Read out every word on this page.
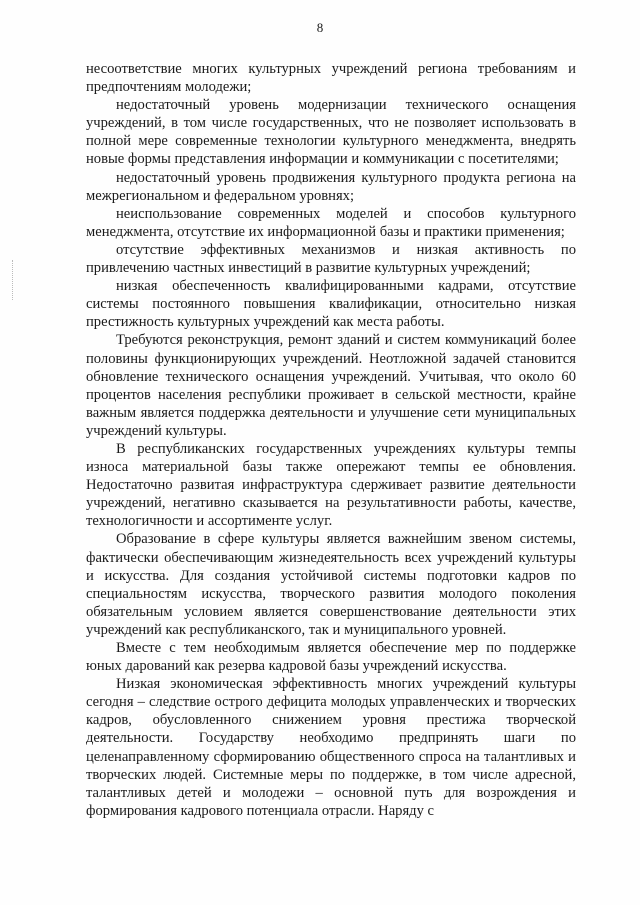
8

несоответствие многих культурных учреждений региона требованиям и предпочтениям молодежи;

недостаточный уровень модернизации технического оснащения учреждений, в том числе государственных, что не позволяет использовать в полной мере современные технологии культурного менеджмента, внедрять новые формы представления информации и коммуникации с посетителями;

недостаточный уровень продвижения культурного продукта региона на межрегиональном и федеральном уровнях;

неиспользование современных моделей и способов культурного менеджмента, отсутствие их информационной базы и практики применения;

отсутствие эффективных механизмов и низкая активность по привлечению частных инвестиций в развитие культурных учреждений;

низкая обеспеченность квалифицированными кадрами, отсутствие системы постоянного повышения квалификации, относительно низкая престижность культурных учреждений как места работы.

Требуются реконструкция, ремонт зданий и систем коммуникаций более половины функционирующих учреждений. Неотложной задачей становится обновление технического оснащения учреждений. Учитывая, что около 60 процентов населения республики проживает в сельской местности, крайне важным является поддержка деятельности и улучшение сети муниципальных учреждений культуры.

В республиканских государственных учреждениях культуры темпы износа материальной базы также опережают темпы ее обновления. Недостаточно развитая инфраструктура сдерживает развитие деятельности учреждений, негативно сказывается на результативности работы, качестве, технологичности и ассортименте услуг.

Образование в сфере культуры является важнейшим звеном системы, фактически обеспечивающим жизнедеятельность всех учреждений культуры и искусства. Для создания устойчивой системы подготовки кадров по специальностям искусства, творческого развития молодого поколения обязательным условием является совершенствование деятельности этих учреждений как республиканского, так и муниципального уровней.

Вместе с тем необходимым является обеспечение мер по поддержке юных дарований как резерва кадровой базы учреждений искусства.

Низкая экономическая эффективность многих учреждений культуры сегодня – следствие острого дефицита молодых управленческих и творческих кадров, обусловленного снижением уровня престижа творческой деятельности. Государству необходимо предпринять шаги по целенаправленному сформированию общественного спроса на талантливых и творческих людей. Системные меры по поддержке, в том числе адресной, талантливых детей и молодежи – основной путь для возрождения и формирования кадрового потенциала отрасли. Наряду с
